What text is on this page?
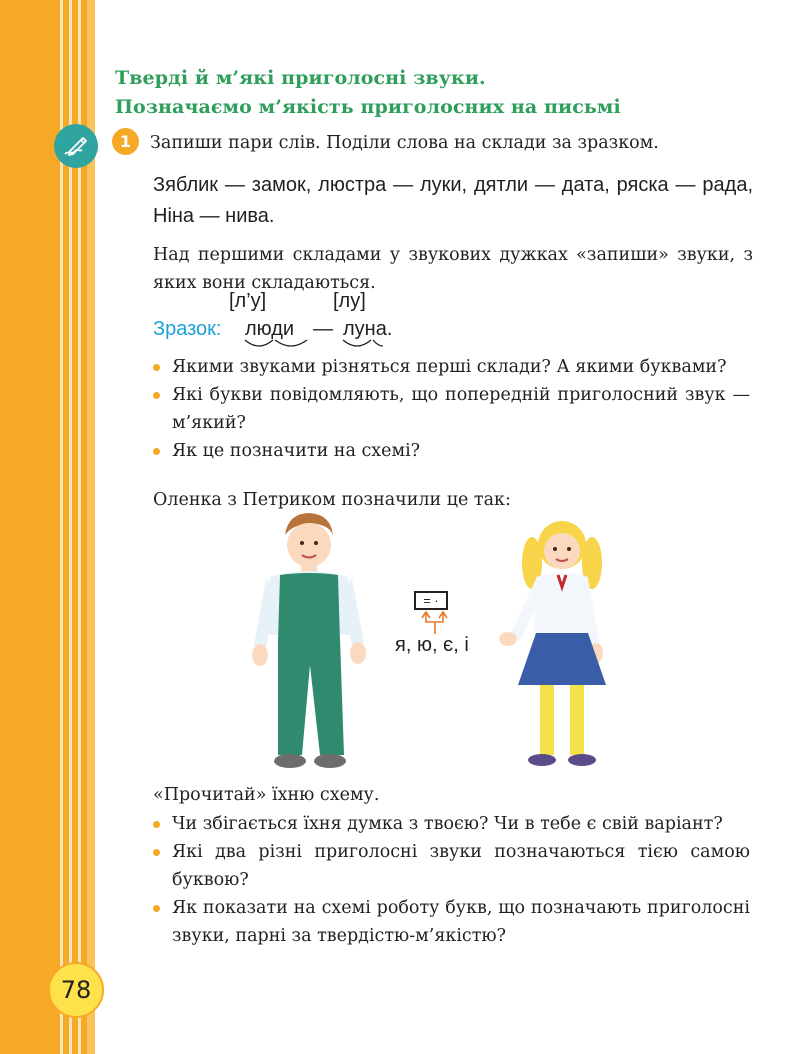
Тверді й м’які приголосні звуки.
Позначаємо м’якість приголосних на письмі
1	Запиши пари слів. Поділи слова на склади за зразком.
Зяблик — замок, люстра — луки, дятли — дата, ряска — рада, Ніна — нива.
Над першими складами у звукових дужках «запиши» звуки, з яких вони складаються.
[л’у]	[лу]
Зразок: люди — луна.
Якими звуками різняться перші склади? А якими буквами?
Які букви повідомляють, що попередній приголосний звук — м’який?
Як це позначити на схемі?
Оленка з Петриком позначили це так:
= ·
я, ю, є, і
«Прочитай» їхню схему.
Чи збігається їхня думка з твоєю? Чи в тебе є свій варіант?
Які два різні приголосні звуки позначаються тією самою буквою?
Як показати на схемі роботу букв, що позначають приголосні звуки, парні за твердістю-м’якістю?
78
